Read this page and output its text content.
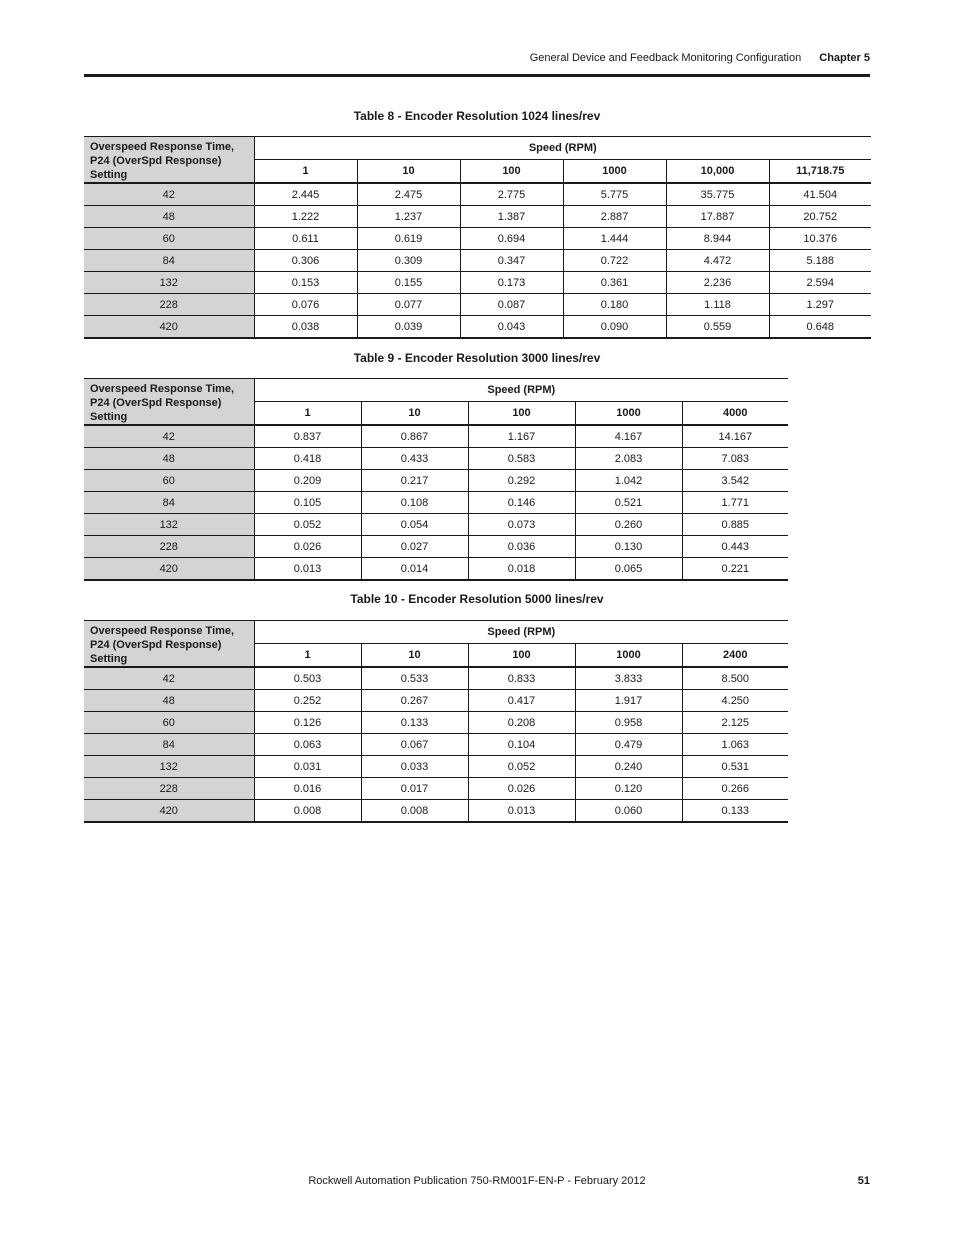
General Device and Feedback Monitoring Configuration Chapter 5
Table 8 - Encoder Resolution 1024 lines/rev
Overspeed Response Time, P24 (OverSpd Response) Setting	Speed (RPM)					
	1	10	100	1000	10,000	11,718.75
42	2.445	2.475	2.775	5.775	35.775	41.504
48	1.222	1.237	1.387	2.887	17.887	20.752
60	0.611	0.619	0.694	1.444	8.944	10.376
84	0.306	0.309	0.347	0.722	4.472	5.188
132	0.153	0.155	0.173	0.361	2.236	2.594
228	0.076	0.077	0.087	0.180	1.118	1.297
420	0.038	0.039	0.043	0.090	0.559	0.648
Table 9 - Encoder Resolution 3000 lines/rev
Overspeed Response Time, P24 (OverSpd Response) Setting	Speed (RPM)				
	1	10	100	1000	4000
42	0.837	0.867	1.167	4.167	14.167
48	0.418	0.433	0.583	2.083	7.083
60	0.209	0.217	0.292	1.042	3.542
84	0.105	0.108	0.146	0.521	1.771
132	0.052	0.054	0.073	0.260	0.885
228	0.026	0.027	0.036	0.130	0.443
420	0.013	0.014	0.018	0.065	0.221
Table 10 - Encoder Resolution 5000 lines/rev
Overspeed Response Time, P24 (OverSpd Response) Setting	Speed (RPM)				
	1	10	100	1000	2400
42	0.503	0.533	0.833	3.833	8.500
48	0.252	0.267	0.417	1.917	4.250
60	0.126	0.133	0.208	0.958	2.125
84	0.063	0.067	0.104	0.479	1.063
132	0.031	0.033	0.052	0.240	0.531
228	0.016	0.017	0.026	0.120	0.266
420	0.008	0.008	0.013	0.060	0.133
Rockwell Automation Publication 750-RM001F-EN-P - February 2012	51
